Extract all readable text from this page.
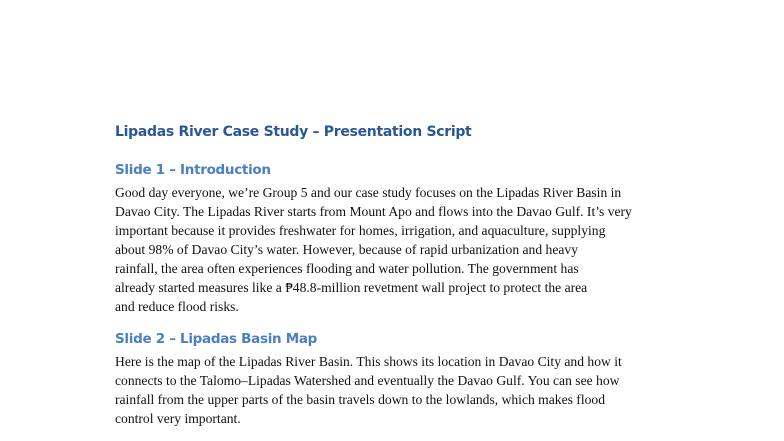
Lipadas River Case Study – Presentation Script
Slide 1 – Introduction
Good day everyone, we’re Group 5 and our case study focuses on the Lipadas River Basin in
Davao City. The Lipadas River starts from Mount Apo and flows into the Davao Gulf. It’s very
important because it provides freshwater for homes, irrigation, and aquaculture, supplying
about 98% of Davao City’s water. However, because of rapid urbanization and heavy
rainfall, the area often experiences flooding and water pollution. The government has
already started measures like a ₱48.8-million revetment wall project to protect the area
and reduce flood risks.
Slide 2 – Lipadas Basin Map
Here is the map of the Lipadas River Basin. This shows its location in Davao City and how it
connects to the Talomo–Lipadas Watershed and eventually the Davao Gulf. You can see how
rainfall from the upper parts of the basin travels down to the lowlands, which makes flood
control very important.
